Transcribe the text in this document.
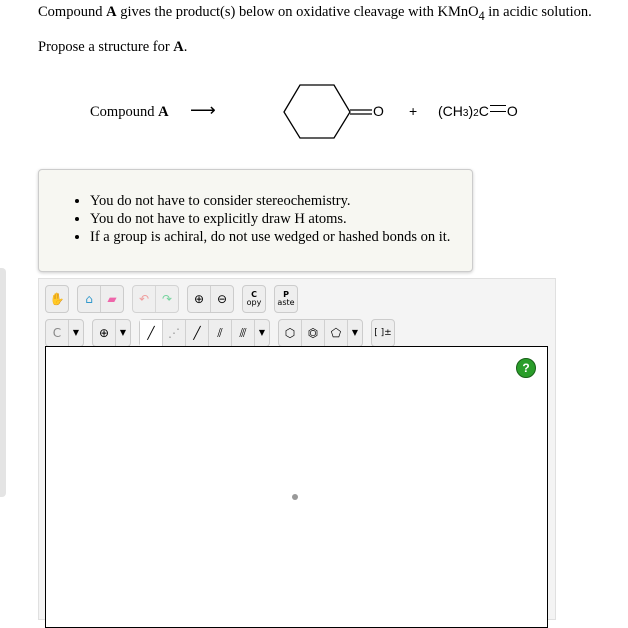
Compound A gives the product(s) below on oxidative cleavage with KMnO$_4$ in acidic solution.
Propose a structure for A.
Compound A ⟶	O + (CH 3 ) 2 C O
• You do not have to consider stereochemistry.
• You do not have to explicitly draw H atoms.
• If a group is achiral, do not use wedged or hashed bonds on it.
✋	⌂	▰	↶	↷	⊕	⊖	C
opy
P
aste
C	▼	⊕	▼	╱	⋰	╱	⫽	⫻	▼	⬡	⏣	⬠	▼	[ ]±
?
